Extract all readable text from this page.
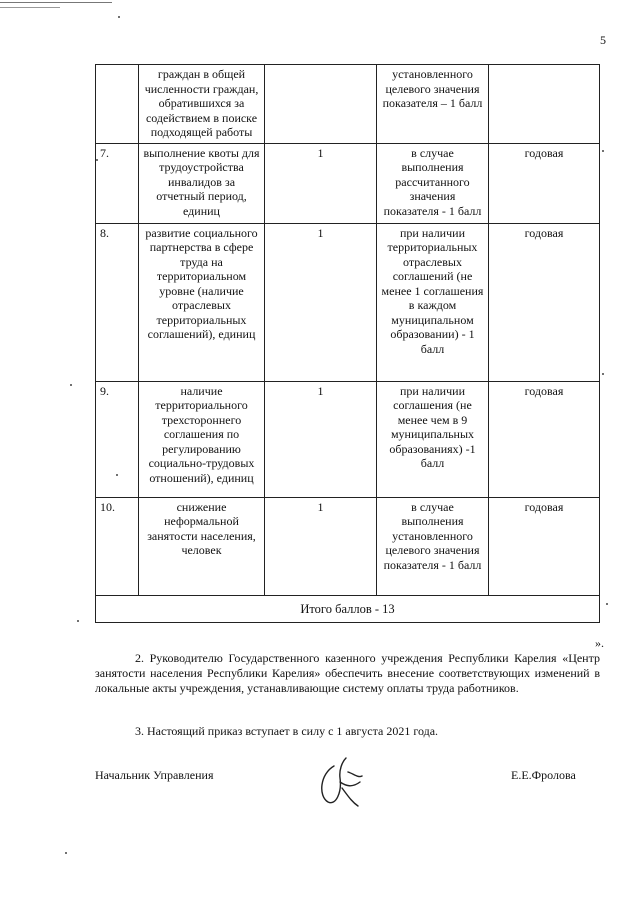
5
	граждан в общей численности граждан, обратившихся за содействием в поиске подходящей работы		установленного целевого значения показателя – 1 балл	
7.	выполнение квоты для трудоустройства инвалидов за отчетный период, единиц	1	в случае выполнения рассчитанного значения показателя - 1 балл	годовая
8.	развитие социального партнерства в сфере труда на территориальном уровне (наличие отраслевых территориальных соглашений), единиц	1	при наличии территориальных отраслевых соглашений (не менее 1 соглашения в каждом муниципальном образовании) - 1 балл	годовая
9.	наличие территориального трехстороннего соглашения по регулированию социально-трудовых отношений), единиц	1	при наличии соглашения (не менее чем в 9 муниципальных образованиях) -1 балл	годовая
10.	снижение неформальной занятости населения, человек	1	в случае выполнения установленного целевого значения показателя - 1 балл	годовая
Итого баллов - 13				
».
2. Руководителю Государственного казенного учреждения Республики Карелия «Центр занятости населения Республики Карелия» обеспечить внесение соответствующих изменений в локальные акты учреждения, устанавливающие систему оплаты труда работников.
3. Настоящий приказ вступает в силу с 1 августа 2021 года.
Начальник Управления	Е.Е.Фролова
